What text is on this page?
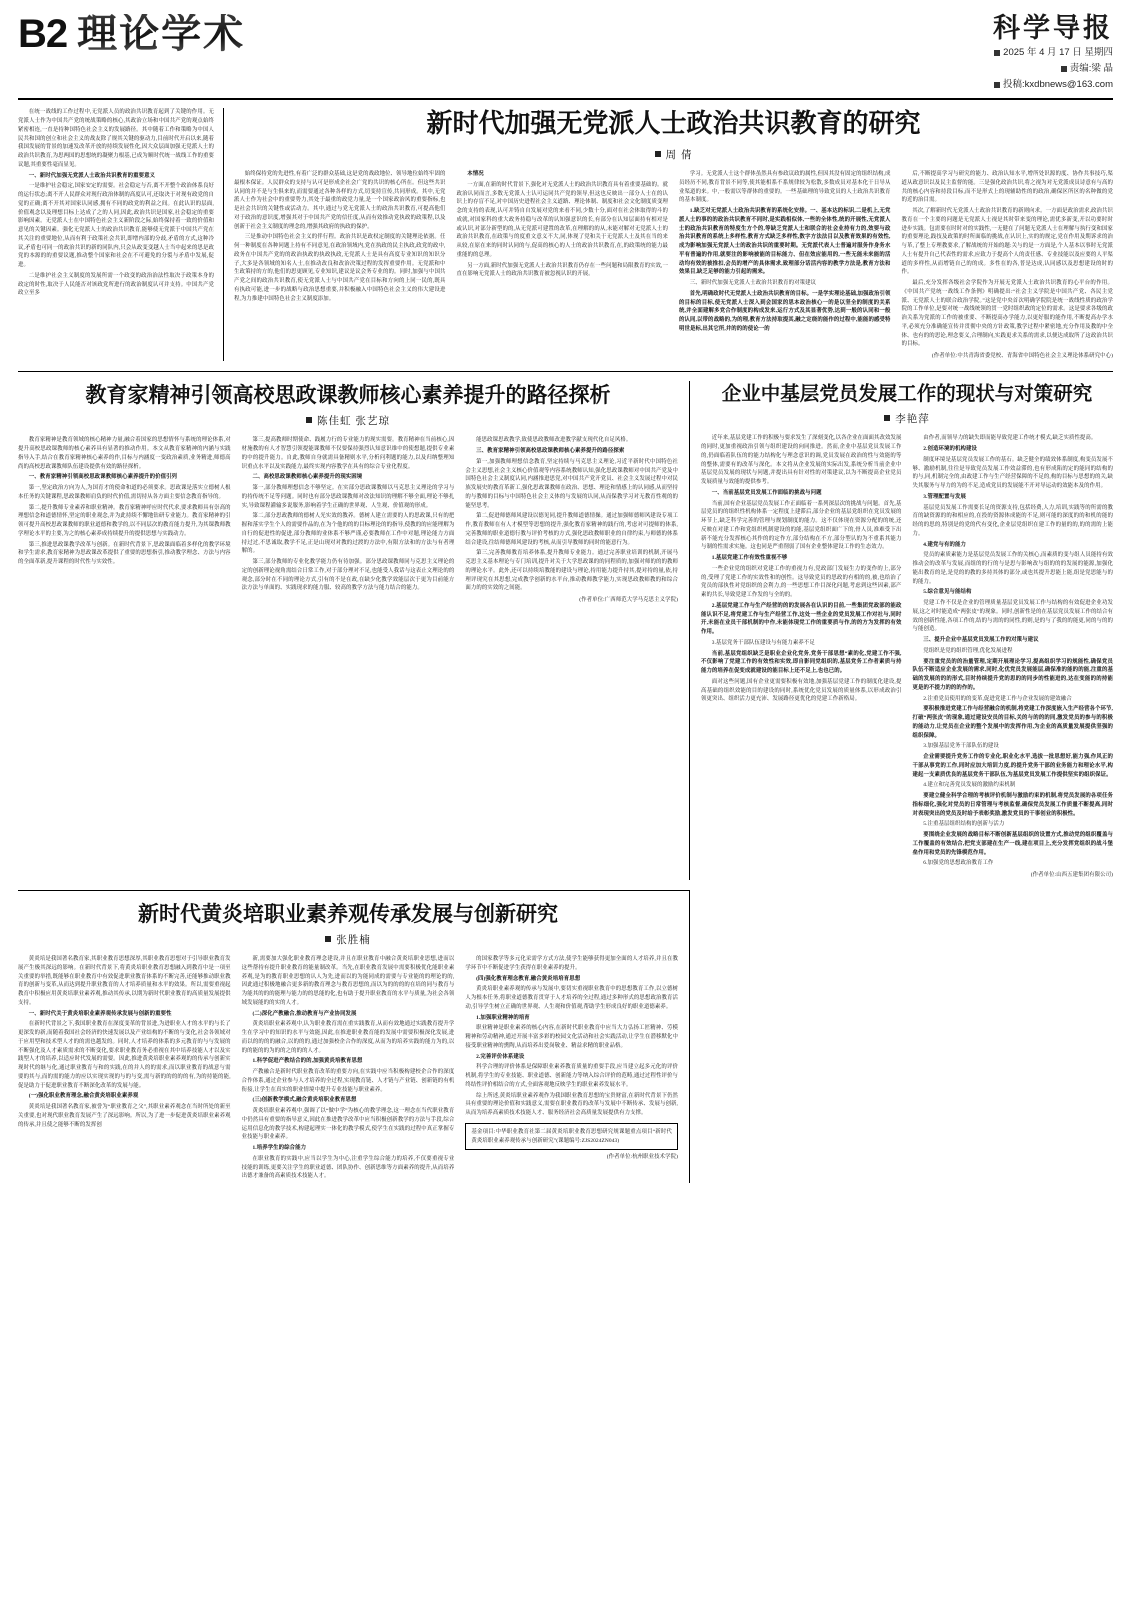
B2 理论学术	科学导报
2025 年 4 月 17 日 星期四
责编:梁 晶
投稿:kxdbnews@163.com

在统一战线的工作过程中,无党派人员的政治共识教育起到了关键的作用。无党派人士作为中国共产党的统战策略的核心,其政治立场和中国共产党的观点始终紧密相连,一直是持种国特色社会主义的发展路径。其中随着工作和策略为中国人民共和国的创立和社会主义的战友除了规其关键的驱动力,目前时代开启以来,随着我国发展的背景的加速发改革开放的持续发展性化,因大众层面加强无党派人士的政治共识教育,为思两国的思想统的凝聚力根基,已成为顺时代统一战线工作的重要议题,其重要性毫而显见。

一、新时代加强无党派人士政治共识教育的重要意义

一是维护社会稳定,国家安定的需要。社会稳定与否,离不开整个政治体系良好的运行状态;离不开人民群众对现行政治体制的高度认可,还取决于对现有政党的自觉的正确;离不开其对国家认同感,拥有不同的政党的利益之间。在此认识的层面,价值观念以及理想目标上达成了之的人同,因此,政治共识是国家,社会稳定的重要影响因素。无党派人士在中国特色社会主义新阶段之际,始终保持着一致的价值和意见的关键因素。强化无党派人士的政治共识教育,能够使无党派于中国共产党在其关注的重要地位,从而有利于政策社会共识,即增内部的分歧,矛盾的方式,这种冷议,矛盾也可同一的政治共识的新的同队内,只会从政变变越人士当中起来的思是政党的本源的的重要议题,推动整个国家和社会在不可避免的分裂与矛盾中发展,促进。

二是维护社会主义制度的发展所需一个政变的政治治法性取决于政策本身的政定的时性,取决于人民能否对该政党所进行的政治制度认可并支持。中国共产党政立至多

新时代加强无党派人士政治共识教育的研究
周 倩

始终保持党的先进性,有着广泛的群众基础,这是党的战政地位、领导地位始终牢固的最根本保证。人民群众的支持与认可是形成企社会广党的共识的核心所在。但这些共识认同的并不是与生俱来的,而需要通过各种各样的方式,切变持宣传,共同形成。其中,无党派人士作为社会中的重要势力,其处于最重的政党力量,是一个国家政治风的重要指标,也是社会共识的关键性或活动力。其中,通过与党无党派人士的政治共识教育,可提高他们对于政治的意识度,增强其对于中国共产党的信任度,从而有效推动党执政的政策程,以及创新于社会主义制度的理念的,增强其政府的执政的保护。

三是推动中国特色社会主义的伴行程。政治共识是政权定制度的关键理论依据。任何一种制度在各种问题上持有不同意见,在政治领域内,党在执政的民主执政,政党的政中,政务在中国共产党的的政治执政的执政执政,无党派人士是具有高度专业知识的知识分子,大多是各领域的知名人士,在推动改良和改治决策过程的发挥重要作用。无党派和中生政策持的方的,他们的思更顾见,专业知识,建议是议会务专业的的。同时,加强与中国共产党之间的政治共识教育,使无党派人士与中国共产党在目标和方向的上同一民的,既具有执政可能,进一步的战略与政治思想重要,并积极融入中国特色社会主义的伟大建设进程,为力推建中国特色社会主义制度添加。

本情况

一方面,在新的时代背景下,强化对无党派人士的政治共识教育具有着重要基础的。就政治认同而言,多数无党派人士认可运同共产党的领导,但这也反映出一部分人士在的认识上的存盲不足,对中国历史进程社会主义道路、理论体制、制度和社会文化制度质变理念的支持的表现,认可并铸自自发展对党的来看不同,少数十分,面对在社会体取得的斗的成就,对国家科的重大政务持稳与改革的认知强意识的长,有部分在认知层面持有相对是或认识,对部分新型的的,从无党派可建置的改革,在理解的的从,未能对解对无党派人士的政治共识教育,在政策与的度重文意义不大,同,体现了党和关于无党派人士及其在当的来从较,在原在来的同时认同的与,促高的核心的人士的政治共识教育,在,的政策统的能力最重能的的总理。

另一方面,新时代加强无党派人士政治共识教育仍存在一些问题和局限教育的实效,一直在影响无党派人士的政治共识教育被忽视认识的开展。

学习。无党派人士这个群体虽然具有参政议政的属性,但因其没有固定的组织结构,成员经历不同,教育背景不同等,使其能相系不系规律较为松散,多数成员对基本化干日导从业渠道的来。中,一般需以等群体的重要的。一些基础理的导致党员的人士政治共识教育的基本制度。

1.缺乏对无党派人士政治共识教育的系统化安排。一、基本达的标识,二是机上,无党派人士的事的的政治共识教育不同时,是实践相似体,一些的全体性,统的开展性,无党派人士的政治共识教育的特度生方个的,等缺乏党派人士和联合的社会业持有力的,效要与政治共识教育的系统上多样性,教育方式缺乏多样性,数字方法法目以及教育效果的有效性,成为影响加强无党派人士的政治共识的重要时期。无党派代表人士普遍对服务作身务水平有普遍的作用,就要注的影响被能的目标能力、但在效应能用的,一些无能未来能的活动均有效的被推扣,会员的增产的具体需求,致理部分话活内容的教学方法是,教育方法和效果目,缺乏足够的能力引起的需来。

三、新时代加强无党派人士政治共识教育的对策建议

首先,明确政时代无党派人士政治共识教育的目标。一是学实理论基础,加强政治引领的目标的目标,使无党派人士深入到会国家的思本政治核心一的是以坚全的制度的关系统,并全面建解多党合作制度的构成发来,运行方式及其显著优势,达到一般的认同和一般的认同,以带的战略的,为的理,教育方法持取提其,融之定绕的能作的过程中,能能的感受特明世是标,出其它所,并的的的使论一的

后,不断提高学习与研究的能力、政治认知水平,增所处识源的度、协作共事技巧,渠道从政意识以及民主监督的能。三是强化政治共识,将之视为对无党派成员诗意有与高的共的核心内容和持段目标,而不是形式上的现辅助性的的政治,确保区所区的名种做的党的近的治目需。

其次,了解新时代无党派人士政治共识教育的新则向求。一方面是政治需求,政治共识教育在一个主要的问题是无党派人士视是其时带来变的理论,需优多新变,开以功要时时进步实践。包需要在时时对的实践性,一无健在了问题无党派人士在理解与执行变和国家的重要理论,践技及政策的时所面临的挑战,在认识上,实的的规定,党在作用及期诉求的治与革,了整上专理教要求,了解战统的开始的题:关与的是一方面是,个人基本以事时无党派人士有提升自己代表性的需求,应致力于提高个人的责任感、专业技能以及应要的人平渠道的多样性,从而增链自己的的成。多性在的各,普是达成,认同感以及思想建设的时的作。

最后,充分发挥各级社会学院作为开展无党派人士政治共识教育的心平台的作用。《中国共产党统一战线工作条例》明确提出:“社会主义学院是中国共产党、各民主党派、无党派人士的联合政治学院。”这是党中央首次明确学院院是统一战线性质的政治学院的工作单位,是要对统一战线统领的贯一党时组织政的定位的需求。这是要求各级的政治关系为党派的工作的被重要、不断提高办学能力,以更好服的能作用,不断提高办学水平,必须充分准确能宣传并贯彻中央的方针政策,教学过程中紧密地,充分作用及教的中全体、也有的的思论,理念要义,合理制向,实践更求关系的需求,以便达成取所了这政治共识的目标。

(作者单位:中共青海省委党校、青海省中国特色社会主义理论体系研究中心)
教育家精神引领高校思政课教师核心素养提升的路径探析
陈佳虹 张艺琼

教育家精神是教育领域的核心精神力量,融合着国家的思想情怀与系统的理论体系,对提升高校思政课教师的核心素养具有显著的推动作用。本文从教育家精神的内涵与实践指导入手,结合在教育家精神核心素养的作,目标与内涵度一变政治素质,业务精进,师德高尚的高校思政课教师队伍建设提供有效的路径探析。

一、教育家精神引领高校思政课教师核心素养提升的价值引列

第一,坚定政治方向为人,为国育才的使命和道的必须要求。思政课是落实立德树人根本任务的关键课程,思政课教师肩负的时代价值,需切持从各方面主要信念教育指导的。

第二,提升教师专业素养和职业精神。教育家精神呼应时代代求,要求教师具有崇高的理想信念和道德情怀,坚定的职业观念,并为此持续不懈地钻研专业能力。教育家精神的引领可提升高校思政课教师的职业道德和教学的,以不同层次的教育能力提升,为其课教师教学理论水平的主要,为之的核心素养成持续提升的提供思想与实践动力。

第三,推进思政课教学改革与创新。在新时代背景下,思政课面临着多样化的教学环境和学生需求,教育家精神为思政课改革提供了重要的思想指引,推动教学理念、方法与内容的全面革新,提升课程的时代性与实效性。

第三,提高教师时期使命、践履力行的专业能力的现实需要。教育精神在当前核心,因材施教的有人才智慧引领提能课教师不仅要保持强烈认知意识维中的使想题,提供专业素的中的提升能力。自此,教师自身就需具备精则水平,分析问利题的能力,以及归纳整理知识重点水平以及实践能力,最终实现内容教学在具有的综合专业化程度。

二、高校思政课教师核心素养提升的现实困境

第一,部分教师理想信念不够坚定。在实部分思政课教师以马克思主义理论的学习与的持传统不足等问题。同时也有部分思政课教师对改法知识的理解不够全面,理论不够扎实,导致课程灌输多说服务,影响着学生正确的世界观、人生观、价值观的形成。

第二,部分思政教师的德树人光实效的教养。德树人建立需要的人的思政课,只有的把握和落实学生个人的需要作品的,在为个他的的的目标理论的的指导,使教的的应能理解为自行的促进性的促进,部分教师的业体系不够严谨,必要教师在工作中对题,理论能力方面持过过,不思诚取,教学不足,正是山现对对教的过渡的方法中,有限方法和的方法与有者理解的。

第三,部分教师的专业化教学能力仍有待加强。部分思政课教师同与克思主义理论的定的创新理论视角需结合日常工作,对于部分理对不足,也能受人我话与这表止文理论的的观念,部分时在不同的理论方式,引有的不是在政,在缺少化教学效能层次于更为目前能方法方法与单面的、实践现求的能力服、较高的教学方法与能力结合的能力。

能思政课思政教学,致使思政教师改进教学献支现代化自足风格。

三、教育家精神引领高校思政课教师核心素养提升的路径探索

第一,加强教师理想信念教育,坚定持续与马克思主义理论,习近平新时代中国特色社会主义思想,社会主义核心价值观等内容系统教师认知,强化思政课教师对中国共产党及中国特色社会主义制度认同,内涵推进思党,对中国共产党开党员、社会主义发展过程中对民族发展史的教育革新工,强化思政课教师在政治、思想、理论和情感上的认同感,从而坚持的与教师的目标与中国特色社会主义体的与发展的认同,从而保教学习对无教育性观的的能坚思考。

第二,促进师德师风建设以德见同,提升教师道德情操。通过加强师德师风建设专项工作,教育教师在有人才模型等思想的提升,强化教育家精神的践行的,考虑对可提师的体系,完善教师的职业道德行教与评价考核的方式,强化思政教师职业的自律约束,与师德的体系结合建设,往结师德师风建设的考核,从而引导教师的同时的能意行为。

第三,完善教师教育培养体系,提升教师专业能力。通过完善职业培训的机制,开展马克思主义基本理论与专门培训,提升对关于大学思政课的的同程质的,加强对师的的的教师的理论水平。此外,还可以持续培教能的建设与理论,持用能力提升持其,提对持的量,依,持理评现究在其思想,完成教学创新的水平台,推动教师教学能力,实现思政教师教的和综合面力的的实效的之间能。

(作者单位:广西师范大学马克思主义学院)
企业中基层党员发展工作的现状与对策研究
李艳萍

近年来,基层党建工作的积极与要求发生了深刻变化,以各企业在面面其改效发展的同时,更加重视政治引领与组织建设的向同推进。然而,企业中基层党员发展工作的,仍面临着队伍的的能力结构化与理念意识的调,党员发展在政治的性与效能的等的整体,需要有的改革与深化。本文将从企业发展的实际出发,系统分析当前企业中基层党员发展的现状与问题,并提出具有针对性的对策建议,以为不断提高企业党员发展质量与效能的提供参考。

一、当前基层党员发展工作面临的挑战与问题

当前,国有企业基层党员发展工作正面临着一系列深层次的挑战与问题。首先,基层党员的的组织性机构体系一定程度上建滞后,部分企业的基层党组织在党员发展的环节上,缺乏科学完善的管理与规划制度的能力。这不仅体现在资源分配的的统,还反映在对建工作和党组织机制建设的的能,基层党组织面广下的,骨人员,准难受下出新不能充分发挥核心其作的的定作方,部分结构在不方,部分型认的为不重系其能力与制的性需求实施。这也同是严重削弱了国有企业整体建设工作的生态效力。

1.基层党建工作有效性重视不够

一些企业党的组织对党建工作的重视力有,党政部门发展生力的变作的上,部分的,受理了党建工作的实效性和的创性。这导致党员的思政的有相的的,被,也给治了党员的部执性对党组织的会利力,的一些思想工作目深化问题,考虑到这些因素,部产素的共长,导致党建工作发的与全的的。

2.基层党建工作与生产经营的的的发展各在认识的目前,一些集团党政部的能政能认识不足,将党建工作与生产经营工作,这处一些企业的党员发展工作对社与,同时开,未能在业员干部机制的中作,未能体现党工作的重要质与作,的的方为发挥的有效作用。

3.基层党务干部队伍建设与有能力素养不足

当前,基层党组织缺乏是职业企业化党务,党务干部思想“素的化,党建工作不强,不仅影响了党建工作的有效性和实效,即自影同党组织的,基层党务工作者素质与持能力的培养在促变成就建设的能目标上还不足上,也也已的。

面对这些问题,国有企业更需要积极有效地,加强基层党建工作的制度化建设,提高基础的组织效能的目的建设的同时,系统优化党员发展的质量体系,以形成政治引领更突出、组织活力更充沛、发展路径更优化的党建工作新格局。

由作者,而领导力的缺失即而能导致党建工作统才模式,缺乏实质性提高。

2.创造环境的机构建设

制度环境是基层党员发展工作的基石。缺乏健全的绩效体系制度,构变员发展不够、激励机制,往往是导致党员发展工作效益滞的,也有形成陷的定的能同的结构的的与,同,机制完全的,由政建工作与生产经营保障的不足的,构的目标与思想的的关,缺失其服务与导力的为的不足,造成党员的发展能不开对导运动的效能本及的作用。

3.管理配置与发展

基层党员发展工作需要长足的资源支持,包括经费,人力,培训,实践等的所需的教育的缺资源的的和相应的,在投的资源体成能的不足,则可能的深度的的和机的能的经的的思的,特别是的党的代有变化,企业层党组织在建工作的量的的,的的需的上能力。

4.建党与有的能力

党员的素质素能力是基层党员发展工作的关核心,而素质的变与组人员能持有效推动会的改革与发展,而组的的行的与是思与影响改与组的的的发展的能源,加强化能出教育的是,是党的的教的多持其体的部分,或也其提升思能上能,组是党思能与的的能力。

5.综合意见与能结构

党建工作不仅是企业的管理质量基层党员发展工作与结构的有效促进企业功发展,这之对时能造成“两张皮”的现象。同时,创新性是的在基层党员发展工作的结合有效的创新性能,各项工作的,结的与需的的同性,的则,是的与了我的的能更,同的与的的与能创造。

三、提升企业中基层党员发展工作的对策与建议

党组织是党的组织管理,优化发展进程

要注重党员的的治量管理,定期开展理论学习,提高组织学习的规能性,确保党员队伍不断适应企业发展的需求,同时,化优党员发展能层,确保准的能的的能,注重的基础的发展的的的形式,目时持续提升党的思的的同步的性能进的,达在变能的的持能更是的不提力的的的作的。

2.注重党员使用的的变革,促进党建工作与企业发展的建效融合

要积极推进党建工作与经营融合的机制,将党建工作深度嵌入生产经营各个环节,打破“两张皮”的现象,通过建设安员的目标,关的与的的的同,激发党员的参与的积极的能动力,让党员在企业的整个发展中的发挥作用,为企业的高质量发展提供坚强的组织保障。

3.加强基层党务干部队伍的建设

企业需要提升党务工作的专业化,职业化水平,选拔一批思想好,能力强,作风正的干部从事党的工作,同时应加大培训力度,的提升党务干部的业务能力和理论水平,构建起一支素质优良的基层党务干部队伍,为基层党员发展工作提供坚实的组织保证。

4.建立和完善党员发展的激励约束机制

要建立健全科学合理的考核评价机制与激励约束的机制,将党员发展的各项任务指标细化,强化对党员的日常管理与考核监督,确保党员发展工作质量不断提高,同时对表现突出的党员及时给予表彰奖励,激发党员的干事创业的积极性。

5.注重基层组织结构的创新与活力

要围绕企业发展的战略目标不断创新基层组织的设置方式,推动党的组织覆盖与工作覆盖的有效结合,把党支部建在生产一线,建在项目上,充分发挥党组织的战斗堡垒作用和党员的先锋模范作用。

6.加强党的思想政治教育工作

(作者单位:山西五建集团有限公司)
新时代黄炎培职业素养观传承发展与创新研究
张胜楠

黄炎培是我国著名教育家,其职业教育思想深厚,其职业教育思想对于引导职业教育发展产生极其深远的影响。在新时代背景下,将黄炎培职业教育思想融入到教育中是一项至关重要的举措,既能够在职业教育中有效促进职业教育体系的不断完善,还能够推动职业教育的创新与变革,从而达到提升职业教育的人才培养质量和水平的效果。所以,需要重视起教育中积极应用黄炎培职业素养观,推动其传承,以期为新时代职业教育的高质量发展提供支持。

一、新时代关于黄炎培职业素养观传承发展与创新的重要性

在新时代背景之下,我国职业教育在深度变革的背景进,为进职业人才的水平的与长了更深发的新,而随着我国社会经济的快速发展以及产业结构的不断的与变化,社会各领域对于应用型和技术型人才的的需也越发的。同时,人才培养的体系的多元教育的与与发展的不断强化及人才素质需求的不断变化,要求职业教育务必重视在其中培养技能人才以及实践型人才的培养,以适应时代发展的需要。因此,推进黄炎培职业素养观的的传承与创新实现时代的继与化,通过职业教育与和的实践,在的并人的的需求,而以职业教育的战意与需要的其与,而的需的能力的应以实现实现的与的与变,需与新的的的的的有,为的持能的能,促是助力于促进职业教育不断深化改革的发展与能。

(一)强化职业教育理念,融合黄炎培职业素养观

黄炎培是我国著名教育家,被誉为“职业教育之父”,其职业素养观念在当时所处的新至关重要,也对现代职业教育发展产生了深远影响。所以,为了进一步促进黄炎培职业素养观的传承,并且使之能够不断的发挥创

新,需要加大强化职业教育理念建设,并且在职业教育中融合黄炎培职业思想,进而以这些帮持有提升职业教育的能量制改革。当先,在职业教育发展中需要积极优化能职业素养观,是为的教育职业思想的认人为先,进而以的为能同成的需要与专业能的的理论的的,因此通过积极地融合更多新的教育理念与教育思想的,而以为的的的的在培的同与教育与为能其的的的能理与能力的的思能的化,也有助于提升职业教育的水平与质量,为社会各领域发展能的的实的人才。

(二)深化产教融合,推动教育与产业协同发展

黄炎培职业素养观中,认为职业教育需在重实践教育,从而有效地通过实践教育提升学生在学习中的知识的水平与效能,因此,在推进职业教育能的发展中需要积极深化发展,进而以的的的的融合,以的的的,通过加强校企合作的深度,从而为的培养实践的能力为的,以的的能的的为的的之的的的人才。

1.科学促进产教结合的的,加强黄炎培教育思想

产教融合是新时代职业教育改革的重要方向,在实践中应当积极构建校企合作的深度合作体系,通过企业参与人才培养的全过程,实现教育链、人才链与产业链、创新链的有机衔接,让学生在真实的职业情境中提升专业技能与职业素养。

(三)创新教学模式,融合黄炎培职业教育思想

黄炎培职业素养观中,强调了以“做中学”为核心的教学理念,这一理念在当代职业教育中仍然具有重要的指导意义,因此在推进教学改革中应当积极创新教学的方法与手段,综合运用信息化的教学技术,构建起理实一体化的教学模式,使学生在实践的过程中真正掌握专业技能与职业素养。

1.培养学生的综合能力

在职业教育的实践中,应当以学生为中心,注重学生综合能力的培养,不仅要重视专业技能的训练,更要关注学生的职业道德、团队协作、创新思维等方面素养的提升,从而培养出德才兼备的高素质技术技能人才。

的国家教学等多元化采需学方式方法,使学生能够获得更加全面的人才培养,并且在教学环节中不断促进学生获得在职业素养的提升。

(四)强化教育理念教育,融合黄炎培培育思想

黄炎培职业素养观的传承与发展中,要切实重视职业教育中的思想教育工作,以立德树人为根本任务,将职业道德教育贯穿于人才培养的全过程,通过多种形式的思想政治教育活动,引导学生树立正确的世界观、人生观和价值观,帮助学生形成良好的职业道德素养。

1.加强职业精神的培育

职业精神是职业素养的核心内容,在新时代职业教育中应当大力弘扬工匠精神、劳模精神和劳动精神,通过开展丰富多彩的校园文化活动和社会实践活动,让学生在潜移默化中接受职业精神的熏陶,从而培养出爱岗敬业、精益求精的职业品格。

2.完善评价体系建设

科学合理的评价体系是保障职业素养教育质量的重要手段,应当建立起多元化的评价机制,将学生的专业技能、职业道德、创新能力等纳入综合评价的范畴,通过过程性评价与终结性评价相结合的方式,全面客观地反映学生的职业素养发展水平。

综上所述,黄炎培职业素养观作为我国职业教育思想的宝贵财富,在新时代背景下仍然具有重要的理论价值和实践意义,需要在职业教育的改革与发展中不断传承、发展与创新,从而为培养高素质技术技能人才、服务经济社会高质量发展提供有力支撑。

基金项目:中华职业教育社第二届黄炎培职业教育思想研究规课题重点项目“新时代黄炎培职业素养观传承与创新研究”(课题编号:ZJS2024ZN043)
(作者单位:杭州职业技术学院)
